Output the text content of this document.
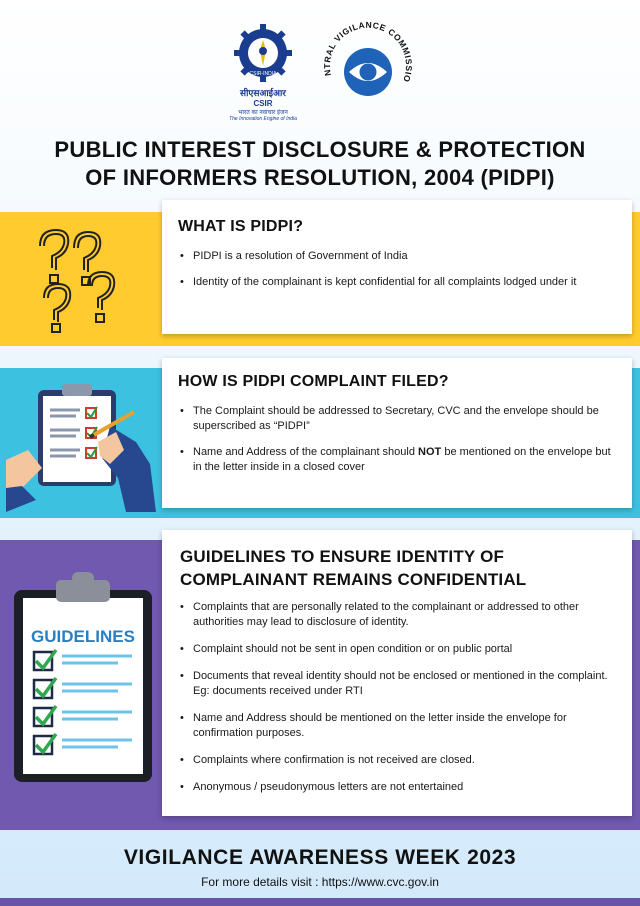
CSIR-INDIA
सीएसआईआर
CSIR
भारत का नवाचार इंजन
The Innovation Engine of India
NTRAL VIGILANCE COMMISSIO
PUBLIC INTEREST DISCLOSURE & PROTECTION
OF INFORMERS RESOLUTION, 2004 (PIDPI)
GUIDELINES
WHAT IS PIDPI?
• PIDPI is a resolution of Government of India
• Identity of the complainant is kept confidential for all complaints lodged under it
HOW IS PIDPI COMPLAINT FILED?
• The Complaint should be addressed to Secretary, CVC and the envelope should be superscribed as “PIDPI”
• Name and Address of the complainant should NOT be mentioned on the envelope but in the letter inside in a closed cover
GUIDELINES TO ENSURE IDENTITY OF
COMPLAINANT REMAINS CONFIDENTIAL
• Complaints that are personally related to the complainant or addressed to other authorities may lead to disclosure of identity.
• Complaint should not be sent in open condition or on public portal
• Documents that reveal identity should not be enclosed or mentioned in the complaint. Eg: documents received under RTI
• Name and Address should be mentioned on the letter inside the envelope for confirmation purposes.
• Complaints where confirmation is not received are closed.
• Anonymous / pseudonymous letters are not entertained
VIGILANCE AWARENESS WEEK 2023
For more details visit : https://www.cvc.gov.in
